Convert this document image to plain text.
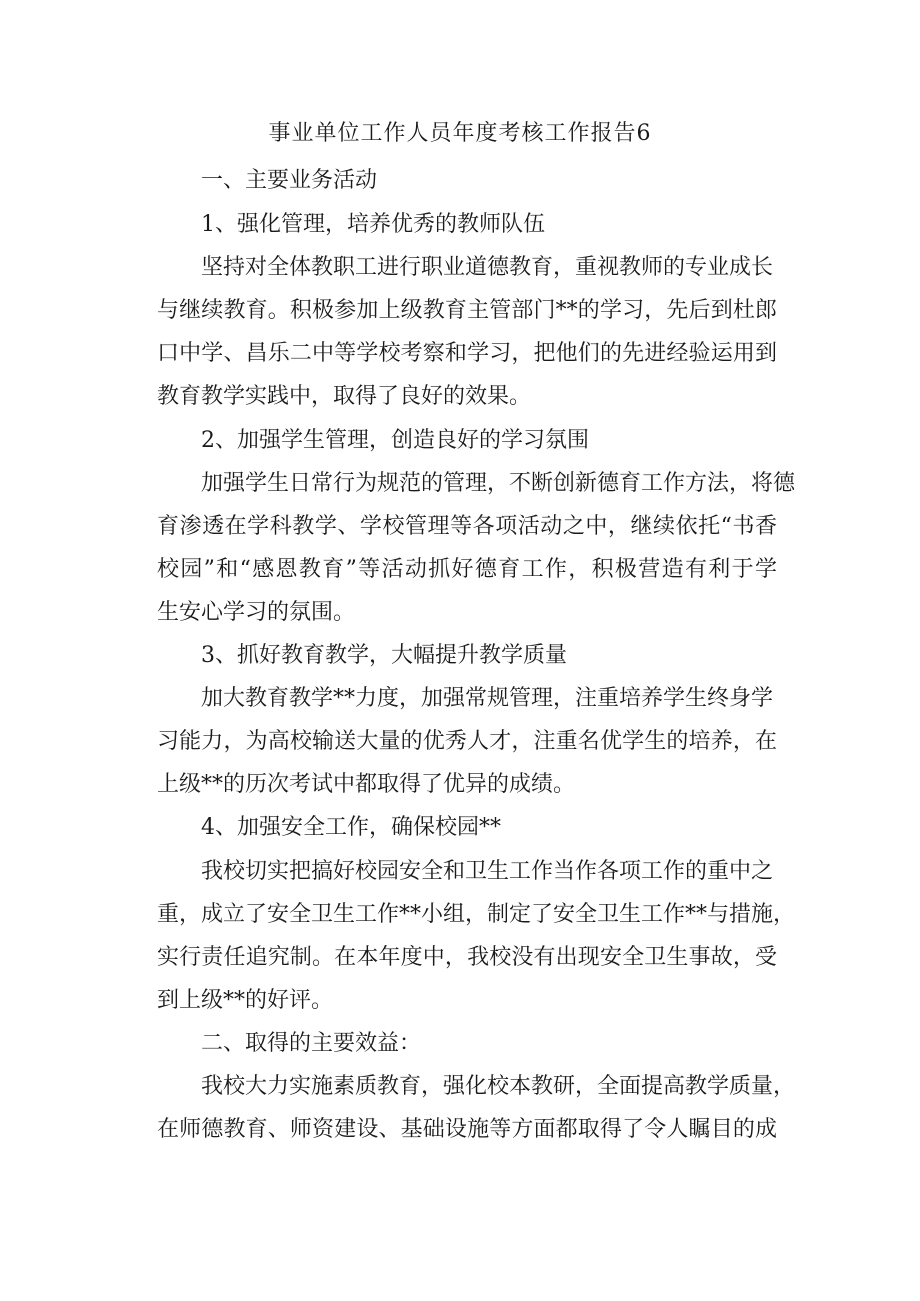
事业单位工作人员年度考核工作报告6
一、主要业务活动
1、强化管理，培养优秀的教师队伍
坚持对全体教职工进行职业道德教育，重视教师的专业成长
与继续教育。积极参加上级教育主管部门**的学习，先后到杜郎
口中学、昌乐二中等学校考察和学习，把他们的先进经验运用到
教育教学实践中，取得了良好的效果。
2、加强学生管理，创造良好的学习氛围
加强学生日常行为规范的管理，不断创新德育工作方法，将德
育渗透在学科教学、学校管理等各项活动之中，继续依托“书香
校园”和“感恩教育”等活动抓好德育工作，积极营造有利于学
生安心学习的氛围。
3、抓好教育教学，大幅提升教学质量
加大教育教学**力度，加强常规管理，注重培养学生终身学
习能力，为高校输送大量的优秀人才，注重名优学生的培养，在
上级**的历次考试中都取得了优异的成绩。
4、加强安全工作，确保校园**
我校切实把搞好校园安全和卫生工作当作各项工作的重中之
重，成立了安全卫生工作**小组，制定了安全卫生工作**与措施，
实行责任追究制。在本年度中，我校没有出现安全卫生事故，受
到上级**的好评。
二、取得的主要效益：
我校大力实施素质教育，强化校本教研，全面提高教学质量，
在师德教育、师资建设、基础设施等方面都取得了令人瞩目的成
